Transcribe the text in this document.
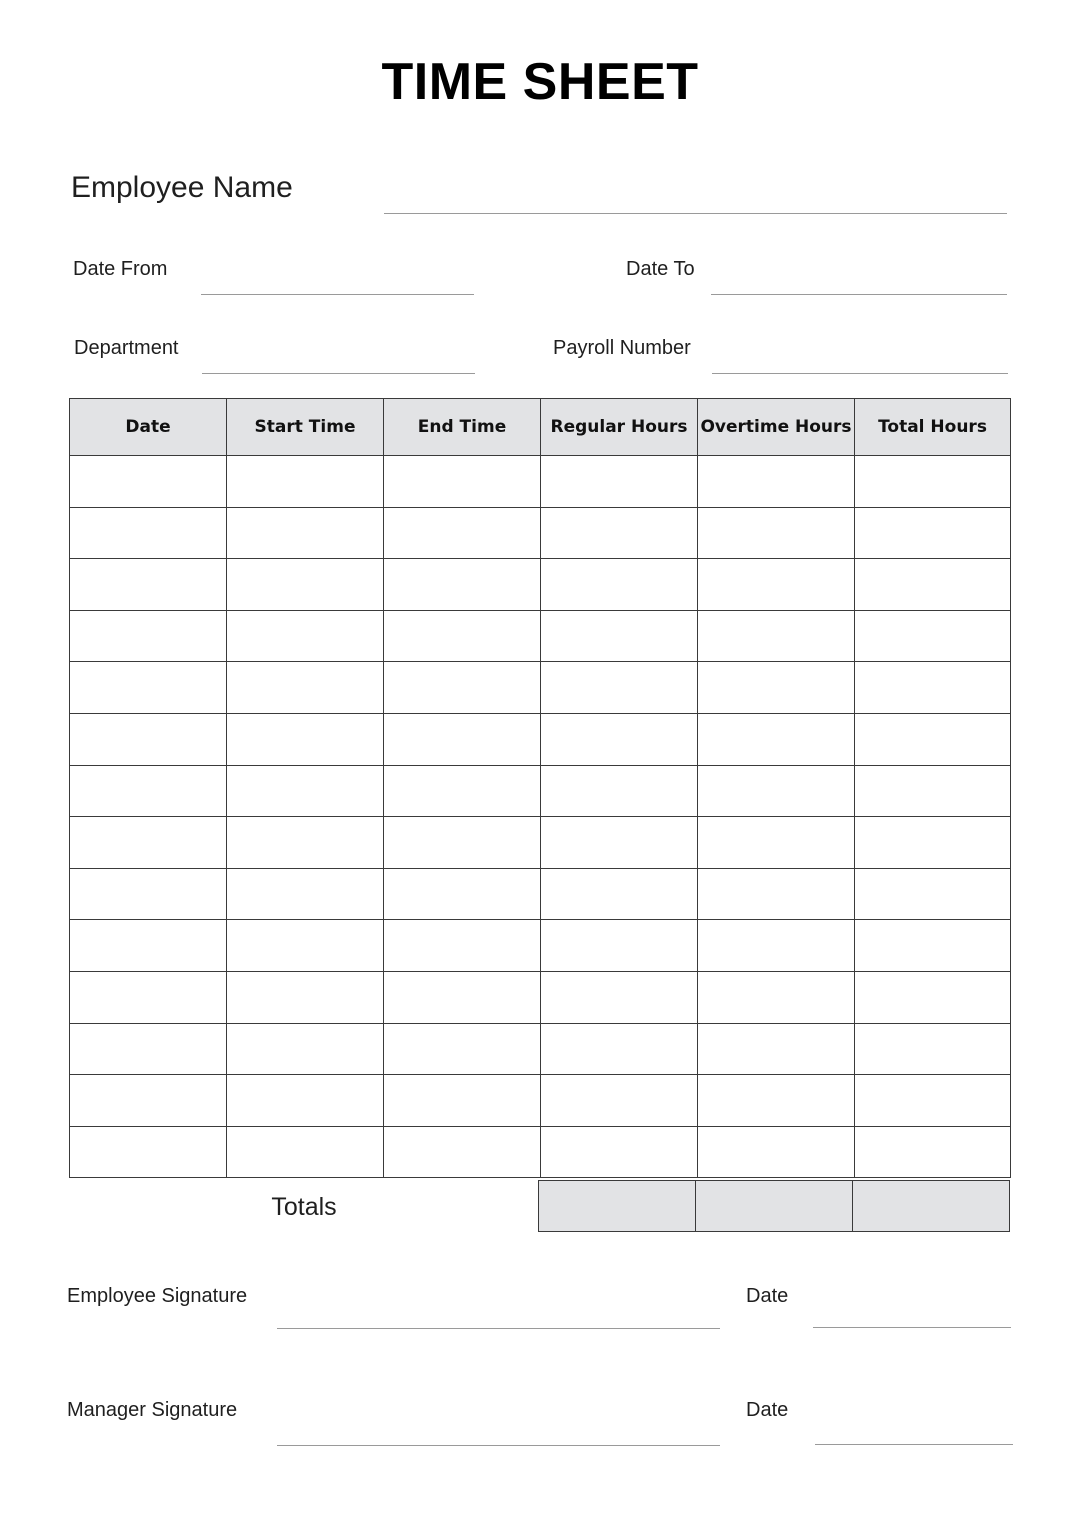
TIME SHEET
Employee Name
Date From	Date To
Department	Payroll Number
Date	Start Time	End Time	Regular Hours	Overtime Hours	Total Hours

Totals

Employee Signature	Date
Manager Signature	Date
